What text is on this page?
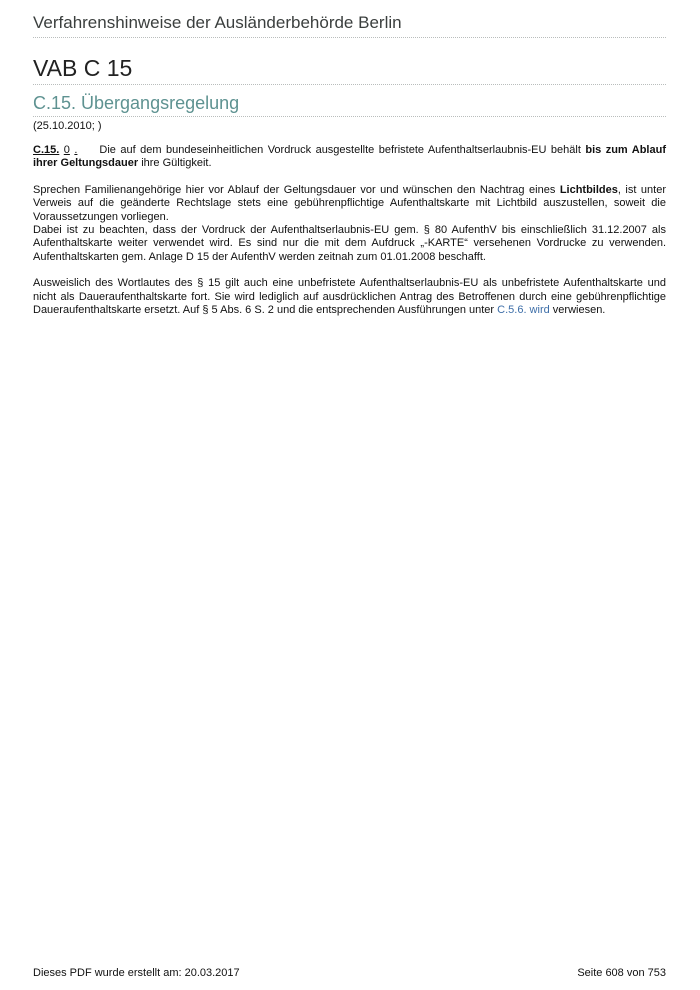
Verfahrenshinweise der Ausländerbehörde Berlin
VAB C 15
C.15. Übergangsregelung
(25.10.2010; )

C.15. 0 . Die auf dem bundeseinheitlichen Vordruck ausgestellte befristete Aufenthaltserlaubnis-EU behält bis zum Ablauf ihrer Geltungsdauer ihre Gültigkeit.

Sprechen Familienangehörige hier vor Ablauf der Geltungsdauer vor und wünschen den Nachtrag eines Lichtbildes, ist unter Verweis auf die geänderte Rechtslage stets eine gebührenpflichtige Aufenthaltskarte mit Lichtbild auszustellen, soweit die Voraussetzungen vorliegen.

Dabei ist zu beachten, dass der Vordruck der Aufenthaltserlaubnis-EU gem. § 80 AufenthV bis einschließlich 31.12.2007 als Aufenthaltskarte weiter verwendet wird. Es sind nur die mit dem Aufdruck „-KARTE“ versehenen Vordrucke zu verwenden. Aufenthaltskarten gem. Anlage D 15 der AufenthV werden zeitnah zum 01.01.2008 beschafft.

Ausweislich des Wortlautes des § 15 gilt auch eine unbefristete Aufenthaltserlaubnis-EU als unbefristete Aufenthaltskarte und nicht als Daueraufenthaltskarte fort. Sie wird lediglich auf ausdrücklichen Antrag des Betroffenen durch eine gebührenpflichtige Daueraufenthaltskarte ersetzt. Auf § 5 Abs. 6 S. 2 und die entsprechenden Ausführungen unter C.5.6. wird verwiesen.

Dieses PDF wurde erstellt am: 20.03.2017	Seite 608 von 753
